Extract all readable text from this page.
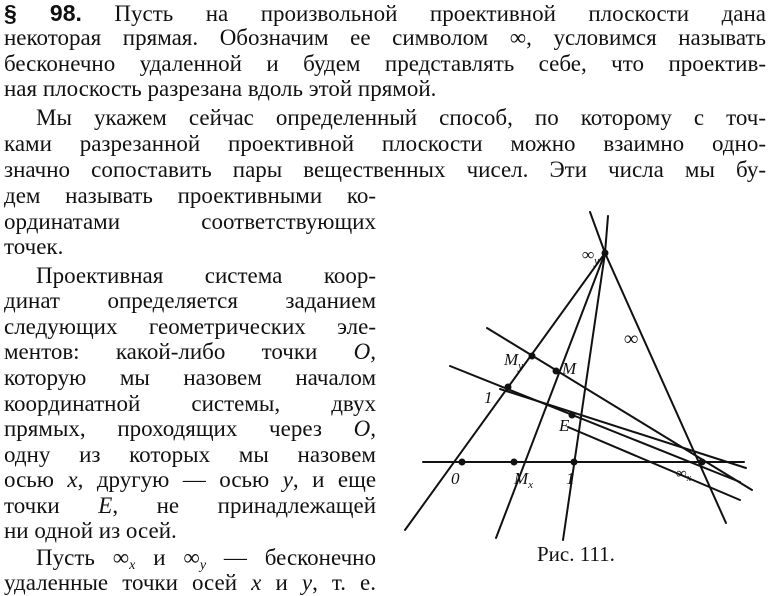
§ 98. Пусть на произвольной проективной плоскости дана
некоторая прямая. Обозначим ее символом ∞, условимся называть
бесконечно удаленной и будем представлять себе, что проектив-
ная плоскость разрезана вдоль этой прямой.
Мы укажем сейчас определенный способ, по которому с точ-
ками разрезанной проективной плоскости можно взаимно одно-
значно сопоставить пары вещественных чисел. Эти числа мы бу-
дем называть проективными ко-
ординатами соответствующих
точек.
Проективная система коор-
динат определяется заданием
следующих геометрических эле-
ментов: какой-либо точки O,
которую мы назовем началом
координатной системы, двух
прямых, проходящих через O,
одну из которых мы назовем
осью x, другую — осью y, и еще
точки E, не принадлежащей
ни одной из осей.
Пусть $\infty_x$ и $\infty_y$ — бесконечно
удаленные точки осей x и y, т. е.
$\infty_y$
∞
$M_y$ M
1
E
0	$M_x$ 1	$\infty_x$
Рис. 111.
